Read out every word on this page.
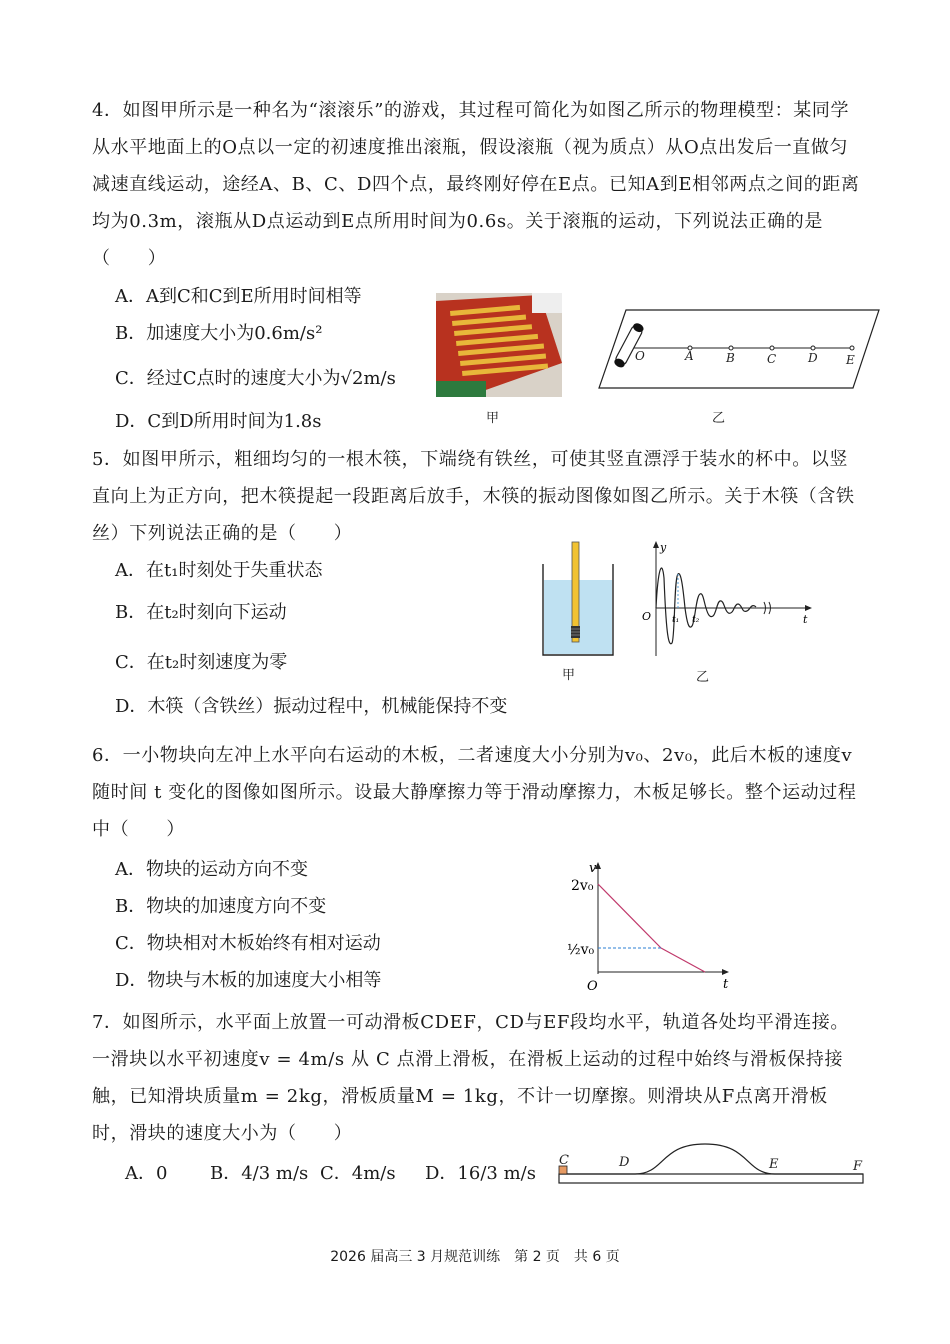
4．如图甲所示是一种名为“滚滚乐”的游戏，其过程可简化为如图乙所示的物理模型：某同学从水平地面上的O点以一定的初速度推出滚瓶，假设滚瓶（视为质点）从O点出发后一直做匀减速直线运动，途经A、B、C、D四个点，最终刚好停在E点。已知A到E相邻两点之间的距离均为0.3m，滚瓶从D点运动到E点所用时间为0.6s。关于滚瓶的运动，下列说法正确的是（　　）
A．A到C和C到E所用时间相等
B．加速度大小为0.6m/s²
C．经过C点时的速度大小为√2m/s
D．C到D所用时间为1.8s	甲
O	A	B	C	D E
乙
5．如图甲所示，粗细均匀的一根木筷，下端绕有铁丝，可使其竖直漂浮于装水的杯中。以竖直向上为正方向，把木筷提起一段距离后放手，木筷的振动图像如图乙所示。关于木筷（含铁丝）下列说法正确的是（　　）
A．在t₁时刻处于失重状态
B．在t₂时刻向下运动
C．在t₂时刻速度为零
D．木筷（含铁丝）振动过程中，机械能保持不变
甲
y
t
O t₁ t₂
乙
6．一小物块向左冲上水平向右运动的木板，二者速度大小分别为v₀、2v₀，此后木板的速度v随时间 t 变化的图像如图所示。设最大静摩擦力等于滑动摩擦力，木板足够长。整个运动过程中（　　）
A．物块的运动方向不变
B．物块的加速度方向不变
C．物块相对木板始终有相对运动
D．物块与木板的加速度大小相等
v
t
O
2v₀
½v₀
7．如图所示，水平面上放置一可动滑板CDEF，CD与EF段均水平，轨道各处均平滑连接。一滑块以水平初速度v = 4m/s 从 C 点滑上滑板，在滑板上运动的过程中始终与滑板保持接触，已知滑块质量m = 2kg，滑板质量M = 1kg，不计一切摩擦。则滑块从F点离开滑板时，滑块的速度大小为（　　）
A．0 B．4/3 m/s C．4m/s D．16/3 m/s
C	D	E	F
2026 届高三 3 月规范训练　第 2 页　共 6 页
